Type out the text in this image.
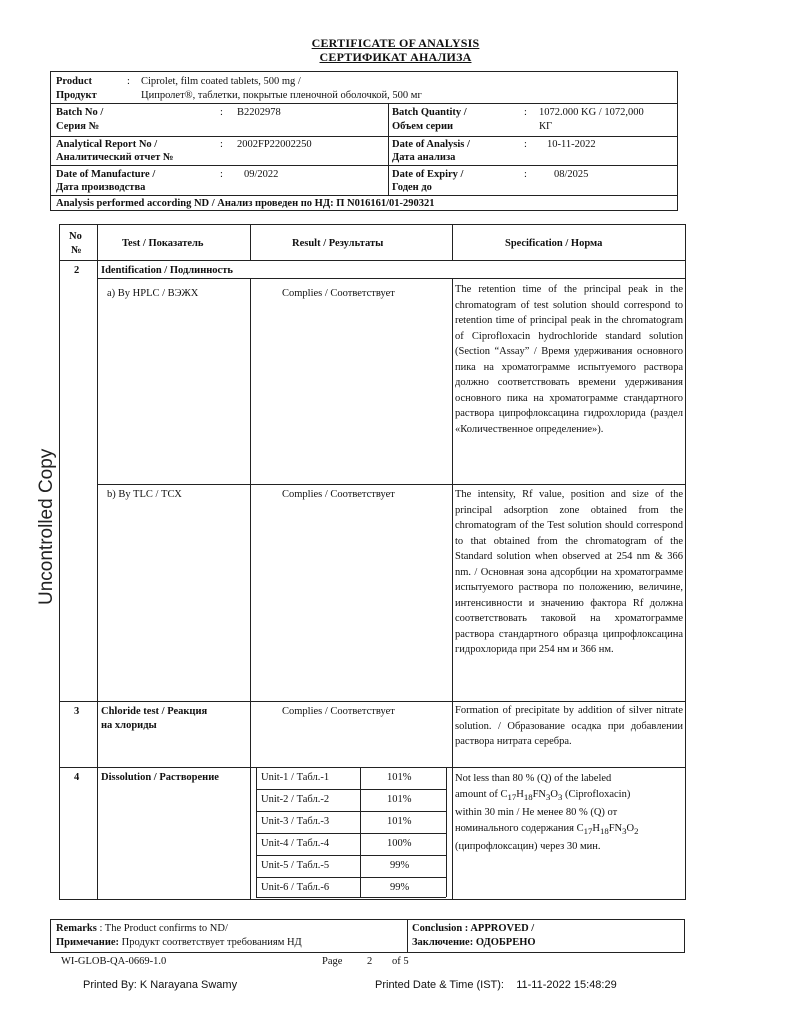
CERTIFICATE OF ANALYSIS
СЕРТИФИКАТ АНАЛИЗА
Product
Продукт
: Ciprolet, film coated tablets, 500 mg /
Ципролет®, таблетки, покрытые пленочной оболочкой, 500 мг
Batch No /
Серия №
: B2202978	Batch Quantity /
Объем серии
: 1072.000 KG / 1072,000
КГ
Analytical Report No /
Аналитический отчет №
: 2002FP22002250	Date of Analysis /
Дата анализа
: 10-11-2022
Date of Manufacture /
Дата производства
: 09/2022	Date of Expiry /
Годен до
:	08/2025
Analysis performed according ND / Анализ проведен по НД: П N016161/01-290321
No
№
Test / Показатель	Result / Результаты	Specification / Норма
2 Identification / Подлинность
a) By HPLC / ВЭЖХ	Complies / Соответствует	The retention time of the principal peak in the chromatogram of test solution should correspond to retention time of principal peak in the chromatogram of Ciprofloxacin hydrochloride standard solution (Section “Assay” / Время удерживания основного пика на хроматограмме испытуемого раствора должно соответствовать времени удерживания основного пика на хроматограмме стандартного раствора ципрофлоксацина гидрохлорида (раздел «Количественное определение»).
b) By TLC / ТСХ	Complies / Соответствует	The intensity, Rf value, position and size of the principal adsorption zone obtained from the chromatogram of the Test solution should correspond to that obtained from the chromatogram of the Standard solution when observed at 254 nm & 366 nm. / Основная зона адсорбции на хроматограмме испытуемого раствора по положению, величине, интенсивности и значению фактора Rf должна соответствовать таковой на хроматограмме раствора стандартного образца ципрофлоксацина гидрохлорида при 254 нм и 366 нм.
3 Chloride test / Реакция
на хлориды
Complies / Соответствует	Formation of precipitate by addition of silver nitrate solution. / Образование осадка при добавлении раствора нитрата серебра.
4 Dissolution / Растворение	Unit-1 / Табл.-1	101%
Unit-2 / Табл.-2	101%
Unit-3 / Табл.-3	101%
Unit-4 / Табл.-4	100%
Unit-5 / Табл.-5	99%
Unit-6 / Табл.-6	99%
Not less than 80 % (Q) of the labeled
amount of $C_{17}H_{18}FN_3O_3$ (Ciprofloxacin)
within 30 min / Не менее 80 % (Q) от
номинального содержания $C_{17}H_{18}FN_3O_2$
(ципрофлоксацин) через 30 мин.
Remarks : The Product confirms to ND/
Примечание: Продукт соответствует требованиям НД
Conclusion : APPROVED /
Заключение: ОДОБРЕНО
WI-GLOB-QA-0669-1.0	Page 2 of 5
Printed By: K Narayana Swamy	Printed Date & Time (IST):    11-11-2022 15:48:29
Uncontrolled Copy
